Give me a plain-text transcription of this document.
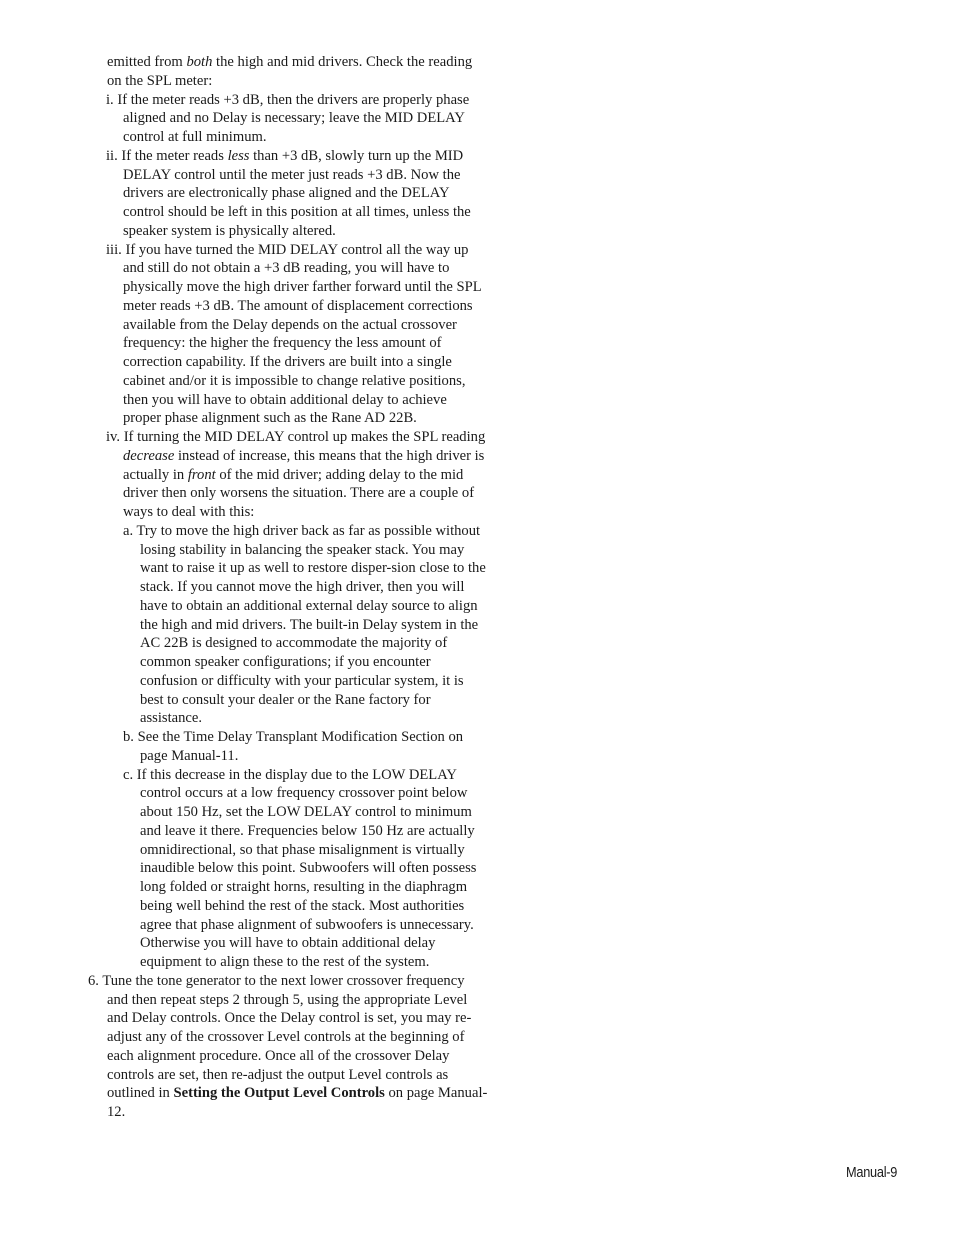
emitted from both the high and mid drivers. Check the reading on the SPL meter:

i. If the meter reads +3 dB, then the drivers are properly phase aligned and no Delay is necessary; leave the MID DELAY control at full minimum.

ii. If the meter reads less than +3 dB, slowly turn up the MID DELAY control until the meter just reads +3 dB. Now the drivers are electronically phase aligned and the DELAY control should be left in this position at all times, unless the speaker system is physically altered.

iii. If you have turned the MID DELAY control all the way up and still do not obtain a +3 dB reading, you will have to physically move the high driver farther forward until the SPL meter reads +3 dB. The amount of displacement corrections available from the Delay depends on the actual crossover frequency: the higher the frequency the less amount of correction capability. If the drivers are built into a single cabinet and/or it is impossible to change relative positions, then you will have to obtain additional delay to achieve proper phase alignment such as the Rane AD 22B.

iv. If turning the MID DELAY control up makes the SPL reading decrease instead of increase, this means that the high driver is actually in front of the mid driver; adding delay to the mid driver then only worsens the situation. There are a couple of ways to deal with this:

a. Try to move the high driver back as far as possible without losing stability in balancing the speaker stack. You may want to raise it up as well to restore disper-sion close to the stack. If you cannot move the high driver, then you will have to obtain an additional external delay source to align the high and mid drivers. The built-in Delay system in the AC 22B is designed to accommodate the majority of common speaker configurations; if you encounter confusion or difficulty with your particular system, it is best to consult your dealer or the Rane factory for assistance.

b. See the Time Delay Transplant Modification Section on page Manual-11.

c. If this decrease in the display due to the LOW DELAY control occurs at a low frequency crossover point below about 150 Hz, set the LOW DELAY control to minimum and leave it there. Frequencies below 150 Hz are actually omnidirectional, so that phase misalignment is virtually inaudible below this point. Subwoofers will often possess long folded or straight horns, resulting in the diaphragm being well behind the rest of the stack. Most authorities agree that phase alignment of subwoofers is unnecessary. Otherwise you will have to obtain additional delay equipment to align these to the rest of the system.

6. Tune the tone generator to the next lower crossover frequency and then repeat steps 2 through 5, using the appropriate Level and Delay controls. Once the Delay control is set, you may re-adjust any of the crossover Level controls at the beginning of each alignment procedure. Once all of the crossover Delay controls are set, then re-adjust the output Level controls as outlined in Setting the Output Level Controls on page Manual-12.

Manual-9
